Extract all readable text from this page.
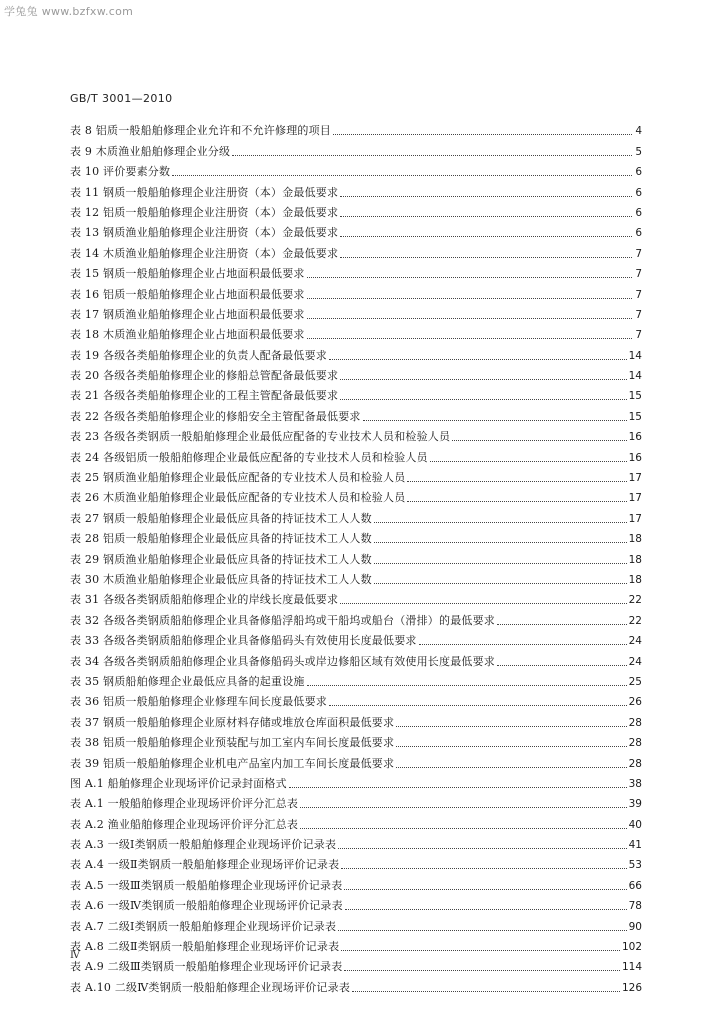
学兔兔 www.bzfxw.com
GB/T 3001—2010
表 8 铝质一般船舶修理企业允许和不允许修理的项目	4
表 9 木质渔业船舶修理企业分级	5
表 10 评价要素分数	6
表 11 钢质一般船舶修理企业注册资（本）金最低要求	6
表 12 铝质一般船舶修理企业注册资（本）金最低要求	6
表 13 钢质渔业船舶修理企业注册资（本）金最低要求	6
表 14 木质渔业船舶修理企业注册资（本）金最低要求	7
表 15 钢质一般船舶修理企业占地面积最低要求	7
表 16 铝质一般船舶修理企业占地面积最低要求	7
表 17 钢质渔业船舶修理企业占地面积最低要求	7
表 18 木质渔业船舶修理企业占地面积最低要求	7
表 19 各级各类船舶修理企业的负责人配备最低要求	14
表 20 各级各类船舶修理企业的修船总管配备最低要求	14
表 21 各级各类船舶修理企业的工程主管配备最低要求	15
表 22 各级各类船舶修理企业的修船安全主管配备最低要求	15
表 23 各级各类钢质一般船舶修理企业最低应配备的专业技术人员和检验人员	16
表 24 各级铝质一般船舶修理企业最低应配备的专业技术人员和检验人员	16
表 25 钢质渔业船舶修理企业最低应配备的专业技术人员和检验人员	17
表 26 木质渔业船舶修理企业最低应配备的专业技术人员和检验人员	17
表 27 钢质一般船舶修理企业最低应具备的持证技术工人人数	17
表 28 铝质一般船舶修理企业最低应具备的持证技术工人人数	18
表 29 钢质渔业船舶修理企业最低应具备的持证技术工人人数	18
表 30 木质渔业船舶修理企业最低应具备的持证技术工人人数	18
表 31 各级各类钢质船舶修理企业的岸线长度最低要求	22
表 32 各级各类钢质船舶修理企业具备修船浮船坞或干船坞或船台（滑排）的最低要求	22
表 33 各级各类钢质船舶修理企业具备修船码头有效使用长度最低要求	24
表 34 各级各类钢质船舶修理企业具备修船码头或岸边修船区域有效使用长度最低要求	24
表 35 钢质船舶修理企业最低应具备的起重设施	25
表 36 铝质一般船舶修理企业修理车间长度最低要求	26
表 37 钢质一般船舶修理企业原材料存储或堆放仓库面积最低要求	28
表 38 铝质一般船舶修理企业预装配与加工室内车间长度最低要求	28
表 39 铝质一般船舶修理企业机电产品室内加工车间长度最低要求	28
图 A.1 船舶修理企业现场评价记录封面格式	38
表 A.1 一般船舶修理企业现场评价评分汇总表	39
表 A.2 渔业船舶修理企业现场评价评分汇总表	40
表 A.3 一级Ⅰ类钢质一般船舶修理企业现场评价记录表	41
表 A.4 一级Ⅱ类钢质一般船舶修理企业现场评价记录表	53
表 A.5 一级Ⅲ类钢质一般船舶修理企业现场评价记录表	66
表 A.6 一级Ⅳ类钢质一般船舶修理企业现场评价记录表	78
表 A.7 二级Ⅰ类钢质一般船舶修理企业现场评价记录表	90
表 A.8 二级Ⅱ类钢质一般船舶修理企业现场评价记录表	102
表 A.9 二级Ⅲ类钢质一般船舶修理企业现场评价记录表	114
表 A.10 二级Ⅳ类钢质一般船舶修理企业现场评价记录表	126
Ⅳ
